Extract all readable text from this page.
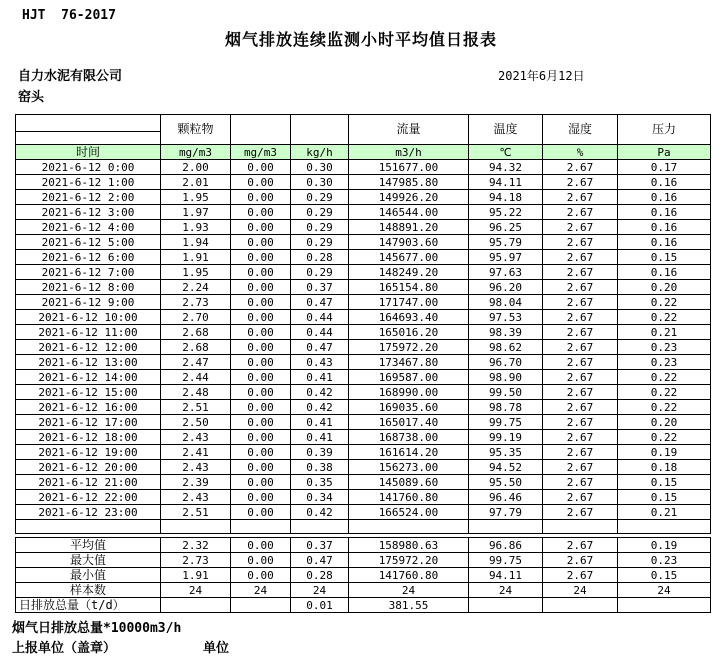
HJT  76-2017
烟气排放连续监测小时平均值日报表
自力水泥有限公司
窑头
2021年6月12日
	颗粒物			流量	温度	湿度	压力

时间	mg/m3	mg/m3	kg/h	m3/h	℃	%	Pa
2021-6-12 0:00	2.00	0.00	0.30	151677.00	94.32	2.67	0.17
2021-6-12 1:00	2.01	0.00	0.30	147985.80	94.11	2.67	0.16
2021-6-12 2:00	1.95	0.00	0.29	149926.20	94.18	2.67	0.16
2021-6-12 3:00	1.97	0.00	0.29	146544.00	95.22	2.67	0.16
2021-6-12 4:00	1.93	0.00	0.29	148891.20	96.25	2.67	0.16
2021-6-12 5:00	1.94	0.00	0.29	147903.60	95.79	2.67	0.16
2021-6-12 6:00	1.91	0.00	0.28	145677.00	95.97	2.67	0.15
2021-6-12 7:00	1.95	0.00	0.29	148249.20	97.63	2.67	0.16
2021-6-12 8:00	2.24	0.00	0.37	165154.80	96.20	2.67	0.20
2021-6-12 9:00	2.73	0.00	0.47	171747.00	98.04	2.67	0.22
2021-6-12 10:00	2.70	0.00	0.44	164693.40	97.53	2.67	0.22
2021-6-12 11:00	2.68	0.00	0.44	165016.20	98.39	2.67	0.21
2021-6-12 12:00	2.68	0.00	0.47	175972.20	98.62	2.67	0.23
2021-6-12 13:00	2.47	0.00	0.43	173467.80	96.70	2.67	0.23
2021-6-12 14:00	2.44	0.00	0.41	169587.00	98.90	2.67	0.22
2021-6-12 15:00	2.48	0.00	0.42	168990.00	99.50	2.67	0.22
2021-6-12 16:00	2.51	0.00	0.42	169035.60	98.78	2.67	0.22
2021-6-12 17:00	2.50	0.00	0.41	165017.40	99.75	2.67	0.20
2021-6-12 18:00	2.43	0.00	0.41	168738.00	99.19	2.67	0.22
2021-6-12 19:00	2.41	0.00	0.39	161614.20	95.35	2.67	0.19
2021-6-12 20:00	2.43	0.00	0.38	156273.00	94.52	2.67	0.18
2021-6-12 21:00	2.39	0.00	0.35	145089.60	95.50	2.67	0.15
2021-6-12 22:00	2.43	0.00	0.34	141760.80	96.46	2.67	0.15
2021-6-12 23:00	2.51	0.00	0.42	166524.00	97.79	2.67	0.21

平均值	2.32	0.00	0.37	158980.63	96.86	2.67	0.19
最大值	2.73	0.00	0.47	175972.20	99.75	2.67	0.23
最小值	1.91	0.00	0.28	141760.80	94.11	2.67	0.15
样本数	24	24	24	24	24	24	24
日排放总量（t/d）			0.01	381.55			
烟气日排放总量*10000m3/h
上报单位（盖章）	单位
